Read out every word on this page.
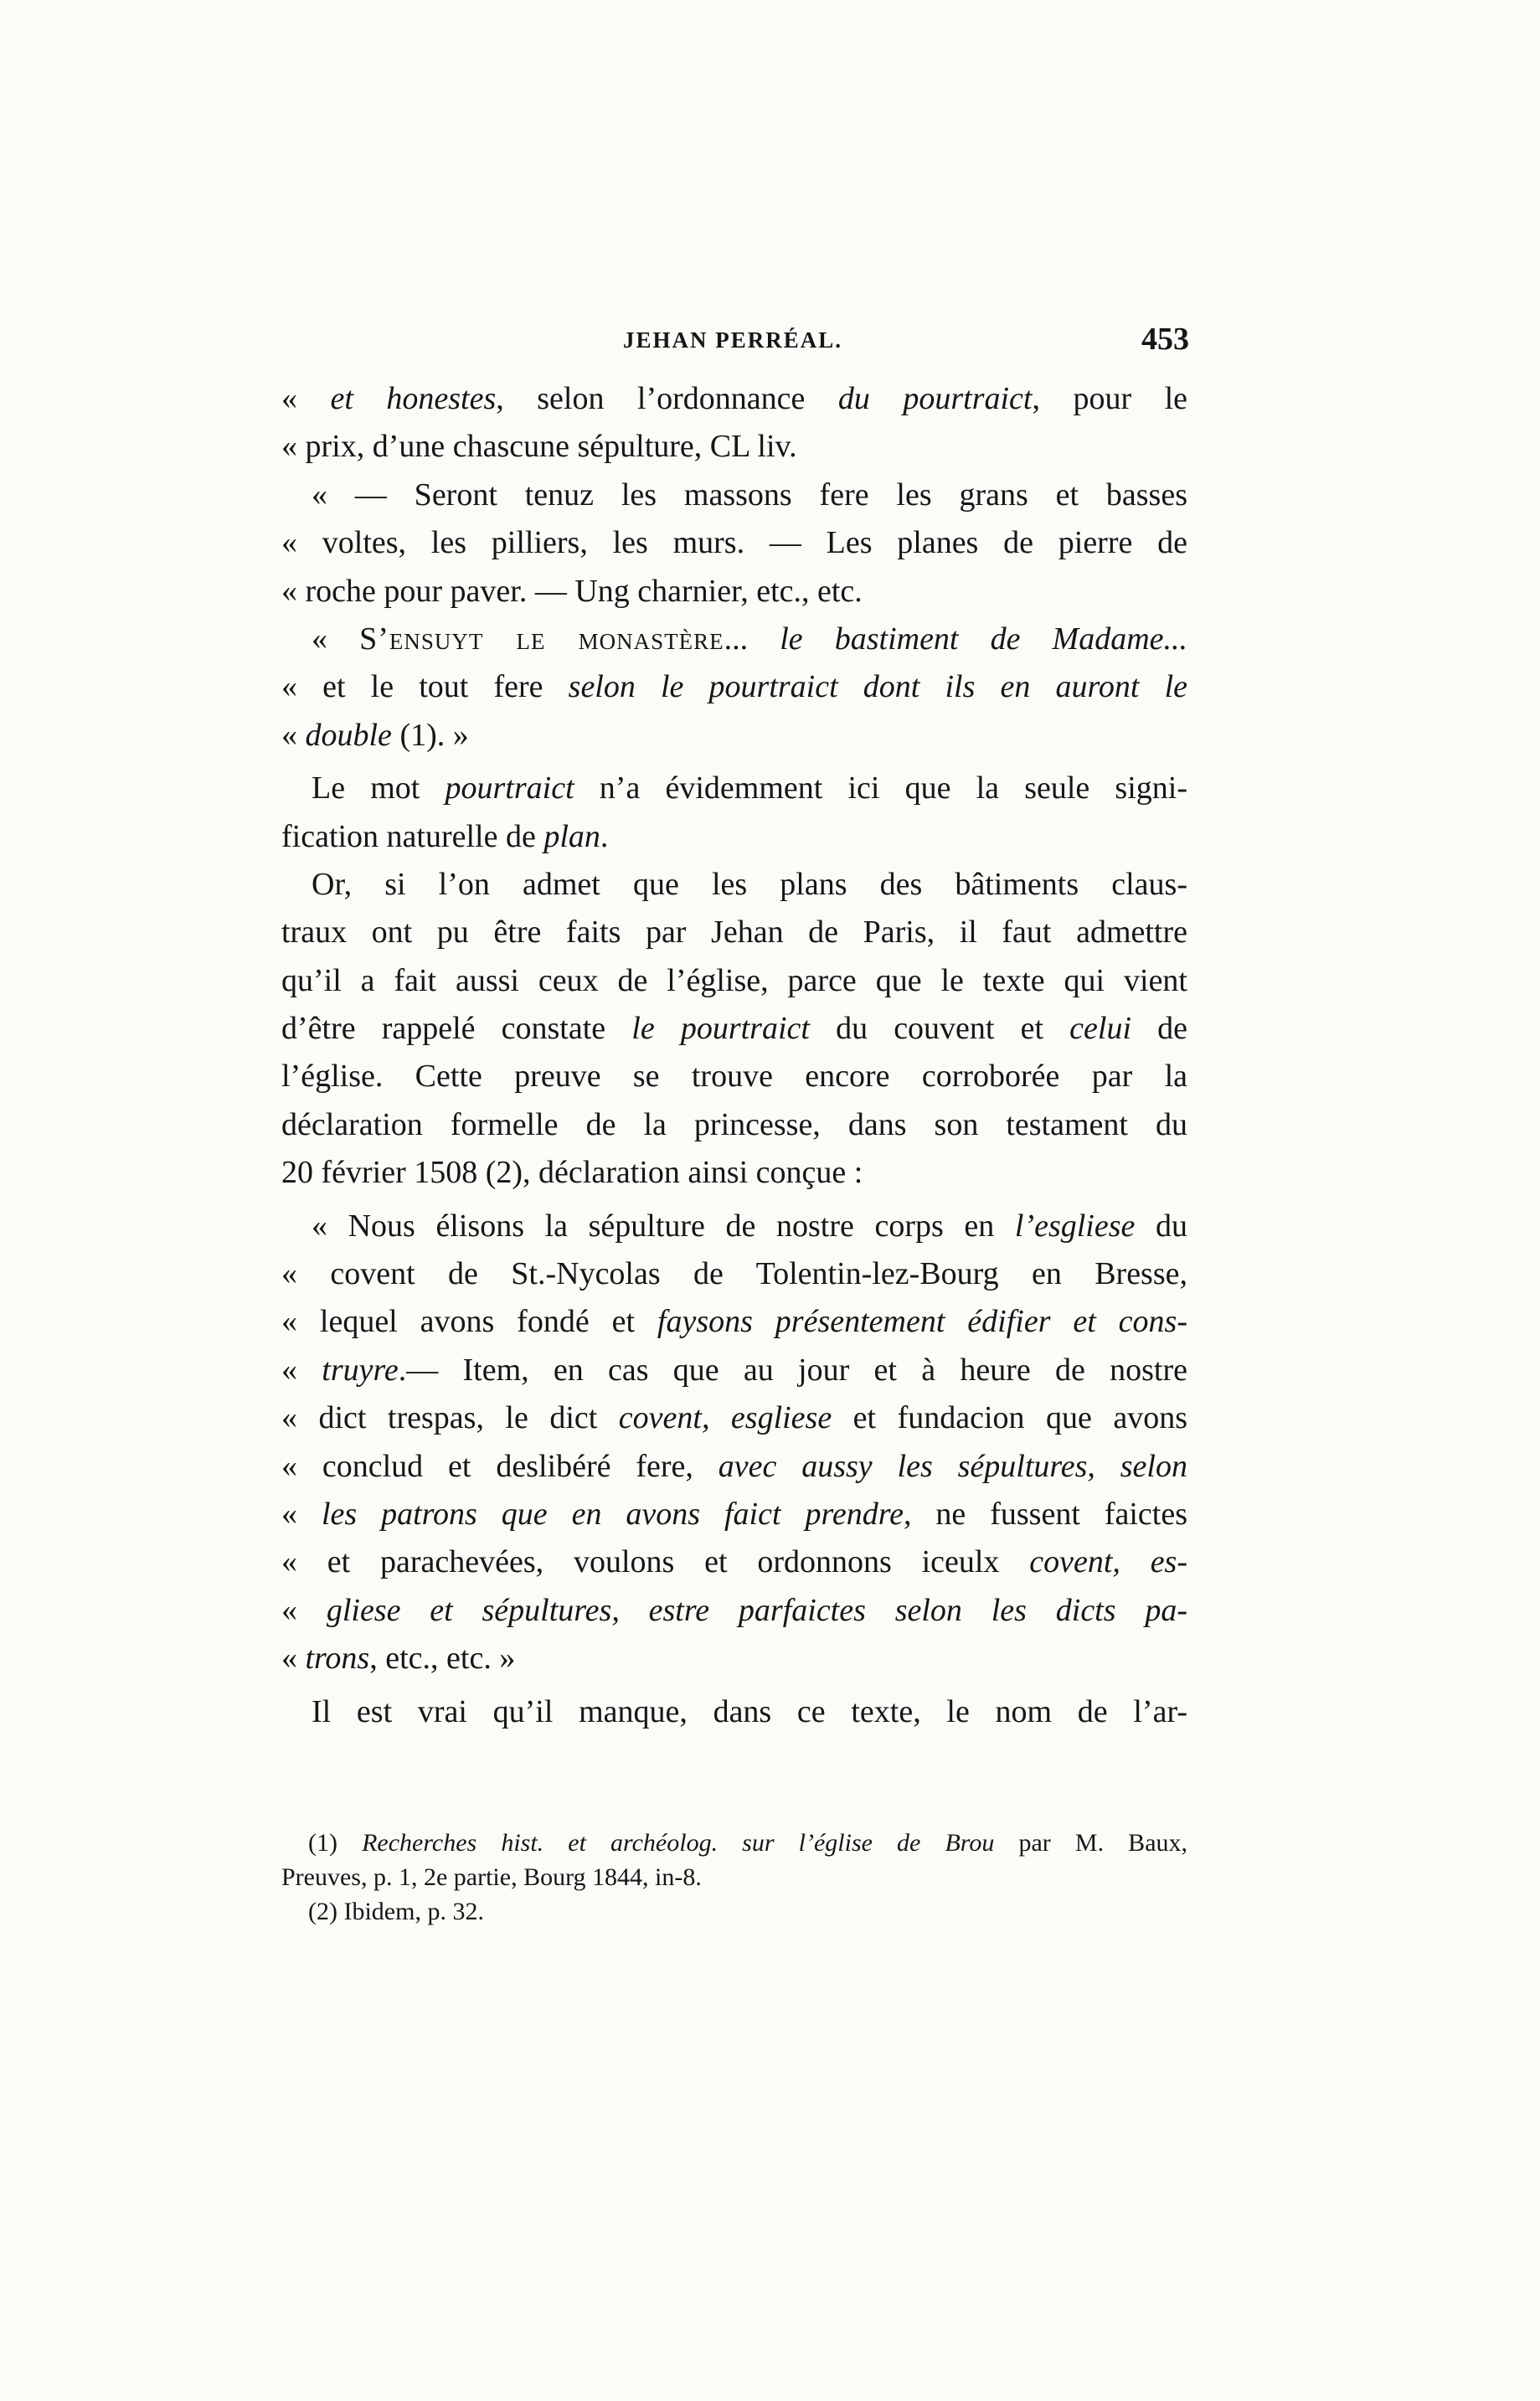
JEHAN PERRÉAL.	453
« et honestes, selon l’ordonnance du pourtraict, pour le
« prix, d’une chascune sépulture, CL liv.
« — Seront tenuz les massons fere les grans et basses
« voltes, les pilliers, les murs. — Les planes de pierre de
« roche pour paver. — Ung charnier, etc., etc.
« S’ensuyt le monastère... le bastiment de Madame...
« et le tout fere selon le pourtraict dont ils en auront le
« double (1). »
Le mot pourtraict n’a évidemment ici que la seule signi-
fication naturelle de plan.
Or, si l’on admet que les plans des bâtiments claus-
traux ont pu être faits par Jehan de Paris, il faut admettre
qu’il a fait aussi ceux de l’église, parce que le texte qui vient
d’être rappelé constate le pourtraict du couvent et celui de
l’église. Cette preuve se trouve encore corroborée par la
déclaration formelle de la princesse, dans son testament du
20 février 1508 (2), déclaration ainsi conçue :
« Nous élisons la sépulture de nostre corps en l’esgliese du
« covent de St.-Nycolas de Tolentin-lez-Bourg en Bresse,
« lequel avons fondé et faysons présentement édifier et cons-
« truyre.— Item, en cas que au jour et à heure de nostre
« dict trespas, le dict covent, esgliese et fundacion que avons
« conclud et deslibéré fere, avec aussy les sépultures, selon
« les patrons que en avons faict prendre, ne fussent faictes
« et parachevées, voulons et ordonnons iceulx covent, es-
« gliese et sépultures, estre parfaictes selon les dicts pa-
« trons, etc., etc. »
Il est vrai qu’il manque, dans ce texte, le nom de l’ar-
(1) Recherches hist. et archéolog. sur l’église de Brou par M. Baux,
Preuves, p. 1, 2e partie, Bourg 1844, in-8.
(2) Ibidem, p. 32.
